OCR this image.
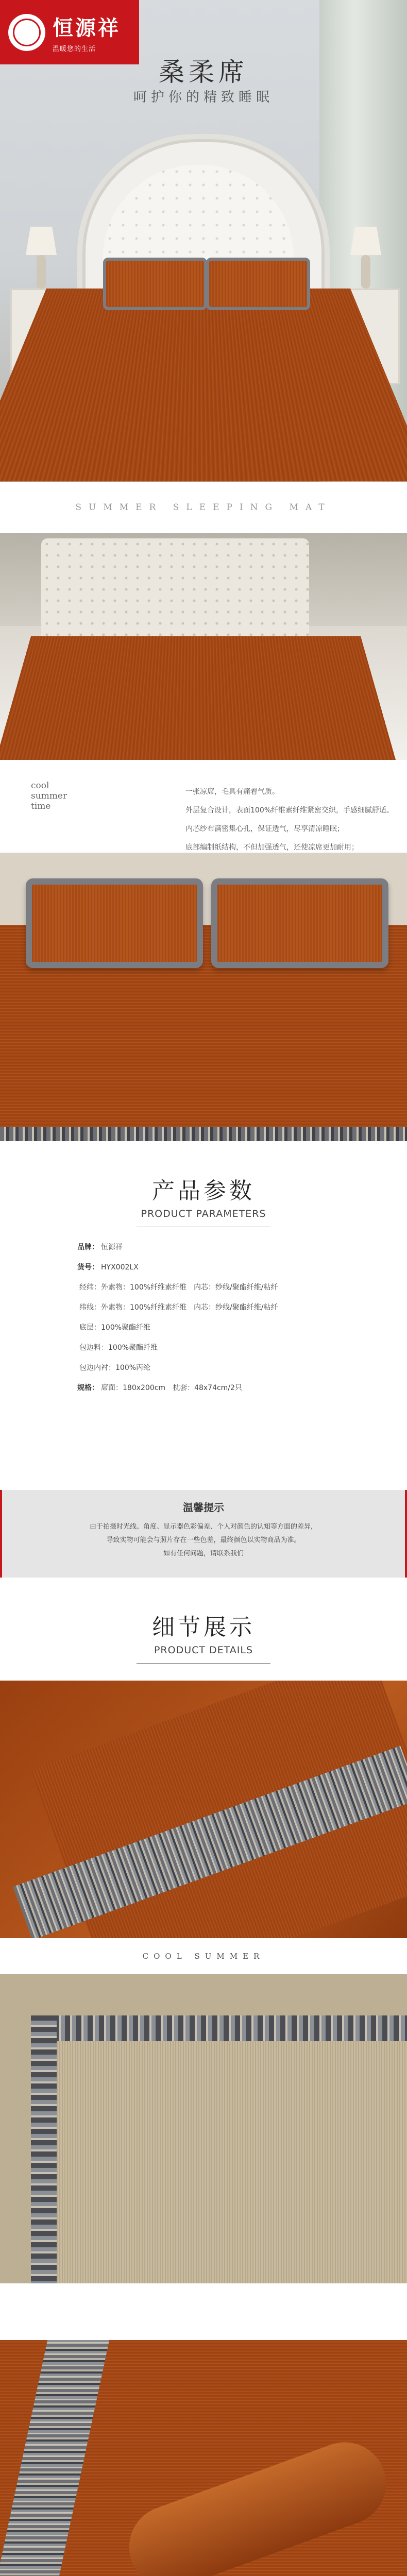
恒源祥
温暖您的生活
桑柔席
呵护你的精致睡眠
SUMMER SLEEPING MAT
cool
summer
time
一张凉席，毛具有痛着气质。
外层复合设计，表面100%纤维素纤维紧密交织，手感细腻舒适。
内芯纱布满密集心孔，保证透气，尽享清凉睡眠；
底部编制纸结构，不但加强透气，还使凉席更加耐用；
产品参数
PRODUCT PARAMETERS
品牌： 恒源祥
货号： HYX002LX
经纬：外素物：100%纤维素纤维　内芯：纱线/聚酯纤维/粘纤
纬线：外素物：100%纤维素纤维　内芯：纱线/聚酯纤维/粘纤
底层：100%聚酯纤维
包边料：100%聚酯纤维
包边内衬：100%丙纶
规格： 席面：180x200cm　枕套：48x74cm/2只
温馨提示
由于拍摄时光线、角度、显示器色彩偏差、个人对颜色的认知等方面的差异，
导致实物可能会与照片存在一些色差，最终颜色以实物商品为准。
如有任何问题，请联系我们
细节展示
PRODUCT DETAILS
COOL SUMMER
